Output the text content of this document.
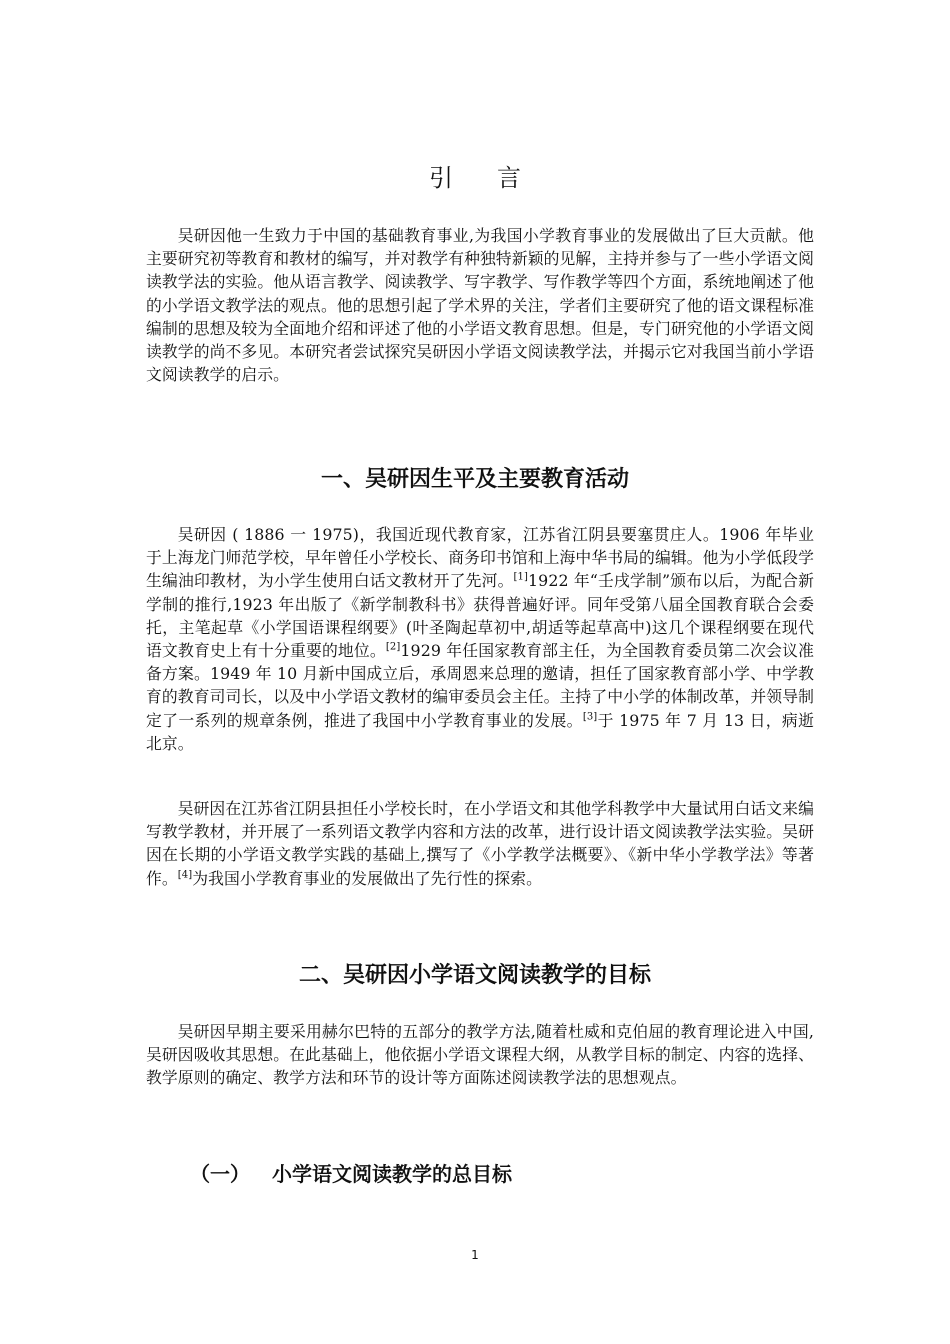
引言

吴研因他一生致力于中国的基础教育事业,为我国小学教育事业的发展做出了巨大贡献。他主要研究初等教育和教材的编写，并对教学有种独特新颖的见解，主持并参与了一些小学语文阅读教学法的实验。他从语言教学、阅读教学、写字教学、写作教学等四个方面，系统地阐述了他的小学语文教学法的观点。他的思想引起了学术界的关注，学者们主要研究了他的语文课程标准编制的思想及较为全面地介绍和评述了他的小学语文教育思想。但是，专门研究他的小学语文阅读教学的尚不多见。本研究者尝试探究吴研因小学语文阅读教学法，并揭示它对我国当前小学语文阅读教学的启示。

一、吴研因生平及主要教育活动

吴研因 ( 1886 一 1975)，我国近现代教育家，江苏省江阴县要塞贯庄人。1906 年毕业于上海龙门师范学校，早年曾任小学校长、商务印书馆和上海中华书局的编辑。他为小学低段学生编油印教材，为小学生使用白话文教材开了先河。[1]1922 年“壬戌学制”颁布以后，为配合新学制的推行,1923 年出版了《新学制教科书》获得普遍好评。同年受第八届全国教育联合会委托，主笔起草《小学国语课程纲要》(叶圣陶起草初中,胡适等起草高中)这几个课程纲要在现代语文教育史上有十分重要的地位。[2]1929 年任国家教育部主任，为全国教育委员第二次会议准备方案。1949 年 10 月新中国成立后，承周恩来总理的邀请，担任了国家教育部小学、中学教育的教育司司长，以及中小学语文教材的编审委员会主任。主持了中小学的体制改革，并领导制定了一系列的规章条例，推进了我国中小学教育事业的发展。[3]于 1975 年 7 月 13 日，病逝北京。

吴研因在江苏省江阴县担任小学校长时，在小学语文和其他学科教学中大量试用白话文来编写教学教材，并开展了一系列语文教学内容和方法的改革，进行设计语文阅读教学法实验。吴研因在长期的小学语文教学实践的基础上,撰写了《小学教学法概要》、《新中华小学教学法》等著作。[4]为我国小学教育事业的发展做出了先行性的探索。

二、吴研因小学语文阅读教学的目标

吴研因早期主要采用赫尔巴特的五部分的教学方法,随着杜威和克伯屈的教育理论进入中国,吴研因吸收其思想。在此基础上，他依据小学语文课程大纲，从教学目标的制定、内容的选择、教学原则的确定、教学方法和环节的设计等方面陈述阅读教学法的思想观点。

（一） 小学语文阅读教学的总目标
1
